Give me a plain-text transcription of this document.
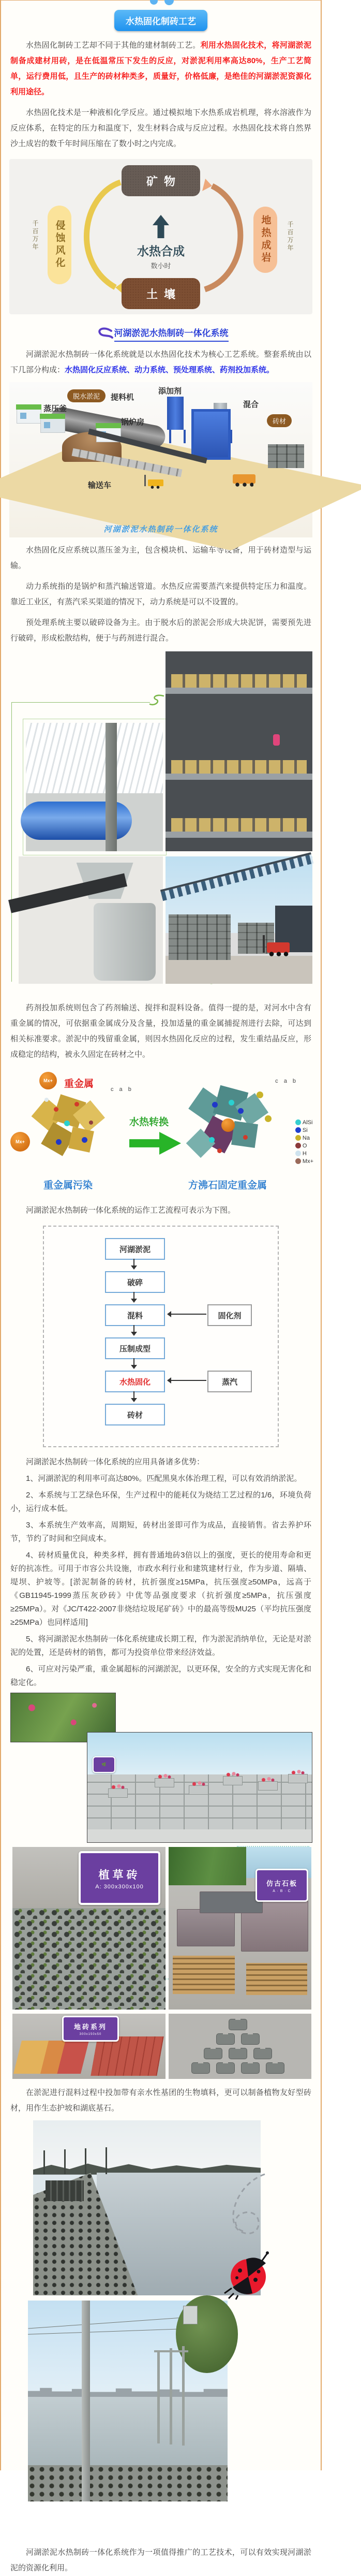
水热固化制砖工艺

水热固化制砖工艺却不同于其他的建材制砖工艺。利用水热固化技术，将河湖淤泥制备成建材用砖，是在低温常压下发生的反应，对淤泥利用率高达80%，生产工艺简单，运行费用低，且生产的砖材种类多，质量好，价格低廉，是绝佳的河湖淤泥资源化利用途径。

水热固化技术是一种液相化学反应。通过模拟地下水热系成岩机理，将水溶液作为反应体系，在特定的压力和温度下，发生材料合成与反应过程。水热固化技术将自然界沙土成岩的数千年时间压缩在了数小时之内完成。

矿物
土壤
水热合成
数小时
侵蚀风化	地热成岩
千百万年	千百万年
河湖淤泥水热制砖一体化系统

河湖淤泥水热制砖一体化系统就是以水热固化技术为核心工艺系统。整套系统由以下几部分构成：水热固化反应系统、动力系统、预处理系统、药剂投加系统。

蒸压釜
脱水淤泥	提料机
添加剂
混合
锅炉房
输送车
砖材
河湖淤泥水热制砖一体化系统

水热固化反应系统以蒸压釜为主，包含模块机、运输车等设备，用于砖材造型与运输。

动力系统指的是锅炉和蒸汽输送管道。水热反应需要蒸汽来提供特定压力和温度。靠近工业区，有蒸汽采买渠道的情况下，动力系统是可以不设置的。

预处理系统主要以破碎设备为主。由于脱水后的淤泥会形成大块泥饼，需要预先进行破碎，形成松散结构，便于与药剂进行混合。

药剂投加系统则包含了药剂输送、搅拌和混料设备。值得一提的是，对河水中含有重金属的情况，可依据重金属成分及含量，投加适量的重金属捕捉剂进行去除，可达到相关标准要求。淤泥中的残留重金属，则因水热固化反应的过程，发生重结晶反应，形成稳定的结构，被永久固定在砖材之中。

Mx+
Mx+
重金属	c a b
c a b
水热转换	AlSi
Si
Na
O
H
Mx+
重金属污染	方沸石固定重金属

河湖淤泥水热制砖一体化系统的运作工艺流程可表示为下图。

河湖淤泥
破碎
混料
压制成型
水热固化
砖材
固化剂
蒸汽

河湖淤泥水热制砖一体化系统的应用具备诸多优势：

1、河湖淤泥的利用率可高达80%。匹配黑臭水体治理工程，可以有效消纳淤泥。

2、本系统与工艺绿色环保，生产过程中的能耗仅为烧结工艺过程的1/6，环境负荷小，运行成本低。

3、本系统生产效率高，周期短，砖材出釜即可作为成品，直接销售。省去养护环节，节约了时间和空间成本。

4、砖材质量优良，种类多样，拥有普通地砖3倍以上的强度，更长的使用寿命和更好的抗冻性。可用于市容公共设施，市政水利行业和建筑建材行业，作为步道、隔墙、堤坝、护坡等。[淤泥制备的砖材，抗折强度≥15MPa，抗压强度≥50MPa，远高于《GB11945-1999蒸压灰砂砖》中优等品强度要求（抗折强度≥5MPa，抗压强度≥25MPa）。对《JC/T422-2007非烧结垃圾尾矿砖》中的最高等级MU25（平均抗压强度≥25MPa）也同样适用]

5、将河湖淤泥水热制砖一体化系统建成长期工程，作为淤泥消纳单位，无论是对淤泥的处置，还是砖材的销售，都可为投资单位带来经济效益。

6、可应对污染严重，重金属超标的河湖淤泥，以更环保，安全的方式实现无害化和稳定化。

🌿
植草砖
A: 300x300x100	仿古石板
A · B · C
地砖系列
300x150x50

在淤泥进行混料过程中投加带有亲水性基团的生物填料，更可以制备植物友好型砖材，用作生态护坡和湖底基石。

河湖淤泥水热制砖一体化系统作为一项值得推广的工艺技术，可以有效实现河湖淤泥的资源化利用。
